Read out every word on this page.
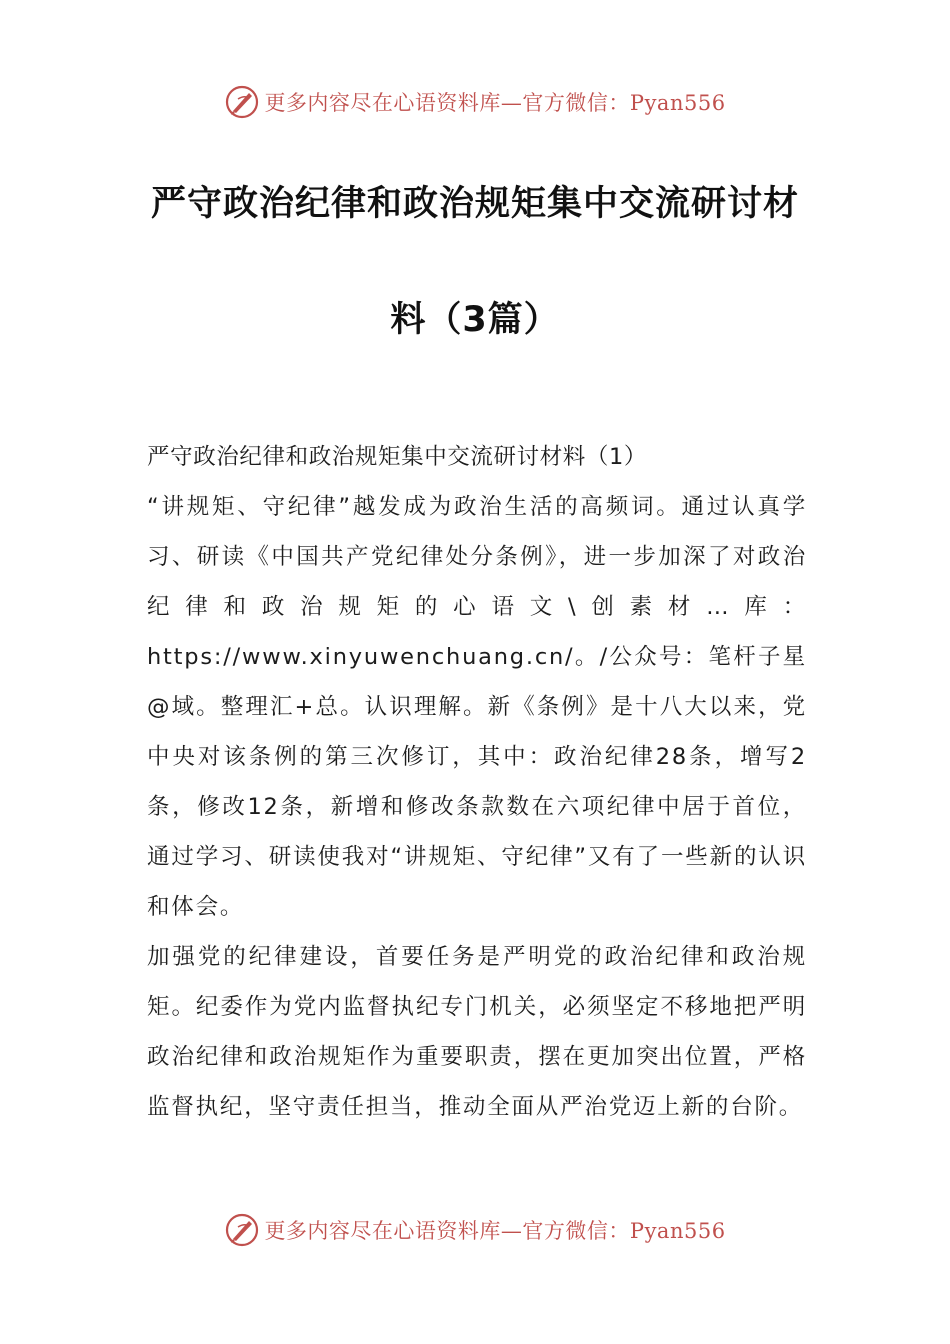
更多内容尽在心语资料库—官方微信：Pyan556
严守政治纪律和政治规矩集中交流研讨材
料（3篇）

严守政治纪律和政治规矩集中交流研讨材料（1）

“讲规矩、守纪律”越发成为政治生活的高频词。通过认真学习、研读《中国共产党纪律处分条例》，进一步加深了对政治纪律和政治规矩的心语文\创素材…库：https://www.xinyuwenchuang.cn/。/公众号：笔杆子星@域。整理汇+总。认识理解。新《条例》是十八大以来，党中央对该条例的第三次修订，其中：政治纪律28条，增写2条，修改12条，新增和修改条款数在六项纪律中居于首位，通过学习、研读使我对“讲规矩、守纪律”又有了一些新的认识和体会。

加强党的纪律建设，首要任务是严明党的政治纪律和政治规矩。纪委作为党内监督执纪专门机关，必须坚定不移地把严明政治纪律和政治规矩作为重要职责，摆在更加突出位置，严格监督执纪，坚守责任担当，推动全面从严治党迈上新的台阶。

更多内容尽在心语资料库—官方微信：Pyan556
